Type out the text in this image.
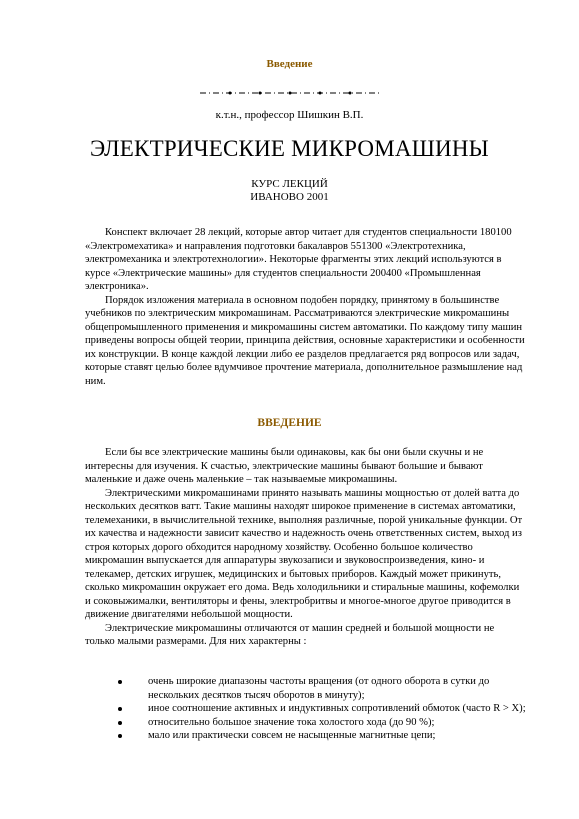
Введение
к.т.н., профессор Шишкин В.П.
ЭЛЕКТРИЧЕСКИЕ МИКРОМАШИНЫ
КУРС ЛЕКЦИЙ
ИВАНОВО 2001

Конспект включает 28 лекций, которые автор читает для студентов специальности 180100 «Электромехатика» и направления подготовки бакалавров 551300 «Электротехника, электромеханика и электротехнологии». Некоторые фрагменты этих лекций используются в курсе «Электрические машины» для студентов специальности 200400 «Промышленная электроника».

Порядок изложения материала в основном подобен порядку, принятому в большинстве учебников по электрическим микромашинам. Рассматриваются электрические микромашины общепромышленного применения и микромашины систем автоматики. По каждому типу машин приведены вопросы общей теории, принципа действия, основные характеристики и особенности их конструкции. В конце каждой лекции либо ее разделов предлагается ряд вопросов или задач, которые ставят целью более вдумчивое прочтение материала, дополнительное размышление над ним.

ВВЕДЕНИЕ

Если бы все электрические машины были одинаковы, как бы они были скучны и не интересны для изучения. К счастью, электрические машины бывают большие и бывают маленькие и даже очень маленькие – так называемые микромашины.

Электрическими микромашинами принято называть машины мощностью от долей ватта до нескольких десятков ватт. Такие машины находят широкое применение в системах автоматики, телемеханики, в вычислительной технике, выполняя различные, порой уникальные функции. От их качества и надежности зависит качество и надежность очень ответственных систем, выход из строя которых дорого обходится народному хозяйству. Особенно большое количество микромашин выпускается для аппаратуры звукозаписи и звуковоспроизведения, кино- и телекамер, детских игрушек, медицинских и бытовых приборов. Каждый может прикинуть, сколько микромашин окружает его дома. Ведь холодильники и стиральные машины, кофемолки и соковыжималки, вентиляторы и фены, электробритвы и многое-многое другое приводится в движение двигателями небольшой мощности.

Электрические микромашины отличаются от машин средней и большой мощности не только малыми размерами. Для них характерны :

очень широкие диапазоны частоты вращения (от одного оборота в сутки до нескольких десятков тысяч оборотов в минуту);
иное соотношение активных и индуктивных сопротивлений обмоток (часто R > X);
относительно большое значение тока холостого хода (до 90 %);
мало или практически совсем не насыщенные магнитные цепи;
